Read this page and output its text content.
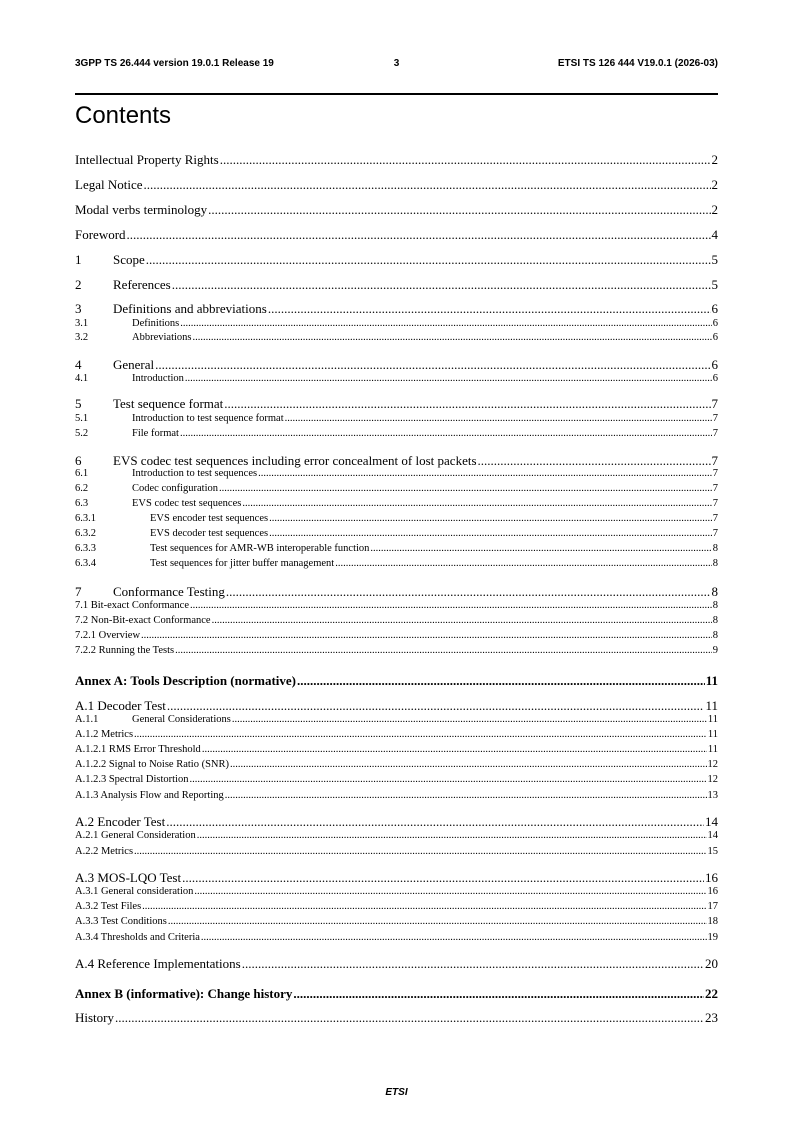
3GPP TS 26.444 version 19.0.1 Release 19	3	ETSI TS 126 444 V19.0.1 (2026-03)
Contents
Intellectual Property Rights .....	2
Legal Notice .....	2
Modal verbs terminology .....	2
Foreword .....	4
1	Scope .....	5
2	References .....	5
3	Definitions and abbreviations .....	6
3.1	Definitions .....	6
3.2	Abbreviations .....	6
4	General .....	6
4.1	Introduction .....	6
5	Test sequence format .....	7
5.1	Introduction to test sequence format .....	7
5.2	File format .....	7
6	EVS codec test sequences including error concealment of lost packets .....	7
6.1	Introduction to test sequences .....	7
6.2	Codec configuration .....	7
6.3	EVS codec test sequences .....	7
6.3.1	EVS encoder test sequences .....	7
6.3.2	EVS decoder test sequences .....	7
6.3.3	Test sequences for AMR-WB interoperable function .....	8
6.3.4	Test sequences for jitter buffer management .....	8
7	Conformance Testing .....	8
7.1 Bit-exact Conformance .....	8
7.2 Non-Bit-exact Conformance .....	8
7.2.1 Overview .....	8
7.2.2 Running the Tests .....	9
Annex A: Tools Description (normative) .....	11
A.1 Decoder Test .....	11
A.1.1	General Considerations .....	11
A.1.2 Metrics .....	11
A.1.2.1 RMS Error Threshold .....	11
A.1.2.2 Signal to Noise Ratio (SNR) .....	12
A.1.2.3 Spectral Distortion .....	12
A.1.3 Analysis Flow and Reporting .....	13
A.2 Encoder Test .....	14
A.2.1 General Consideration .....	14
A.2.2 Metrics .....	15
A.3 MOS-LQO Test .....	16
A.3.1 General consideration .....	16
A.3.2 Test Files .....	17
A.3.3 Test Conditions .....	18
A.3.4 Thresholds and Criteria .....	19
A.4 Reference Implementations .....	20
Annex B (informative): Change history .....	22
History .....	23
ETSI
